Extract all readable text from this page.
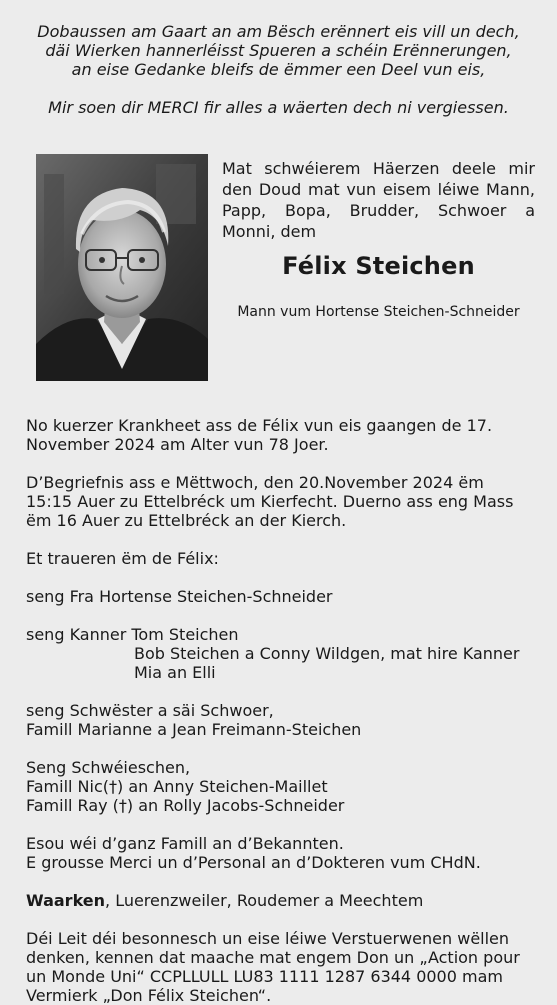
Dobaussen am Gaart an am Bësch erënnert eis vill un dech,
däi Wierken hannerléisst Spueren a schéin Erënnerungen,
an eise Gedanke bleifs de ëmmer een Deel vun eis,
Mir soen dir MERCI fir alles a wäerten dech ni vergiessen.
Mat schwéierem Häerzen deele mir
den Doud mat vun eisem léiwe Mann,
Papp, Bopa, Brudder, Schwoer a
Monni, dem
Félix Steichen
Mann vum Hortense Steichen-Schneider
No kuerzer Krankheet ass de Félix vun eis gaangen de 17.
November 2024 am Alter vun 78 Joer.
D’Begriefnis ass e Mëttwoch, den 20.November 2024 ëm
15:15 Auer zu Ettelbréck um Kierfecht. Duerno ass eng Mass
ëm 16 Auer zu Ettelbréck an der Kierch.
Et traueren ëm de Félix:
seng Fra Hortense Steichen-Schneider
seng Kanner Tom Steichen
Bob Steichen a Conny Wildgen, mat hire Kanner
Mia an Elli
seng Schwëster a säi Schwoer,
Famill Marianne a Jean Freimann-Steichen
Seng Schwéieschen,
Famill Nic(†) an Anny Steichen-Maillet
Famill Ray (†) an Rolly Jacobs-Schneider
Esou wéi d’ganz Famill an d’Bekannten.
E grousse Merci un d’Personal an d’Dokteren vum CHdN.
Waarken, Luerenzweiler, Roudemer a Meechtem
Déi Leit déi besonnesch un eise léiwe Verstuerwenen wëllen
denken, kennen dat maache mat engem Don un „Action pour
un Monde Uni“ CCPLLULL LU83 1111 1287 6344 0000 mam
Vermierk „Don Félix Steichen“.
